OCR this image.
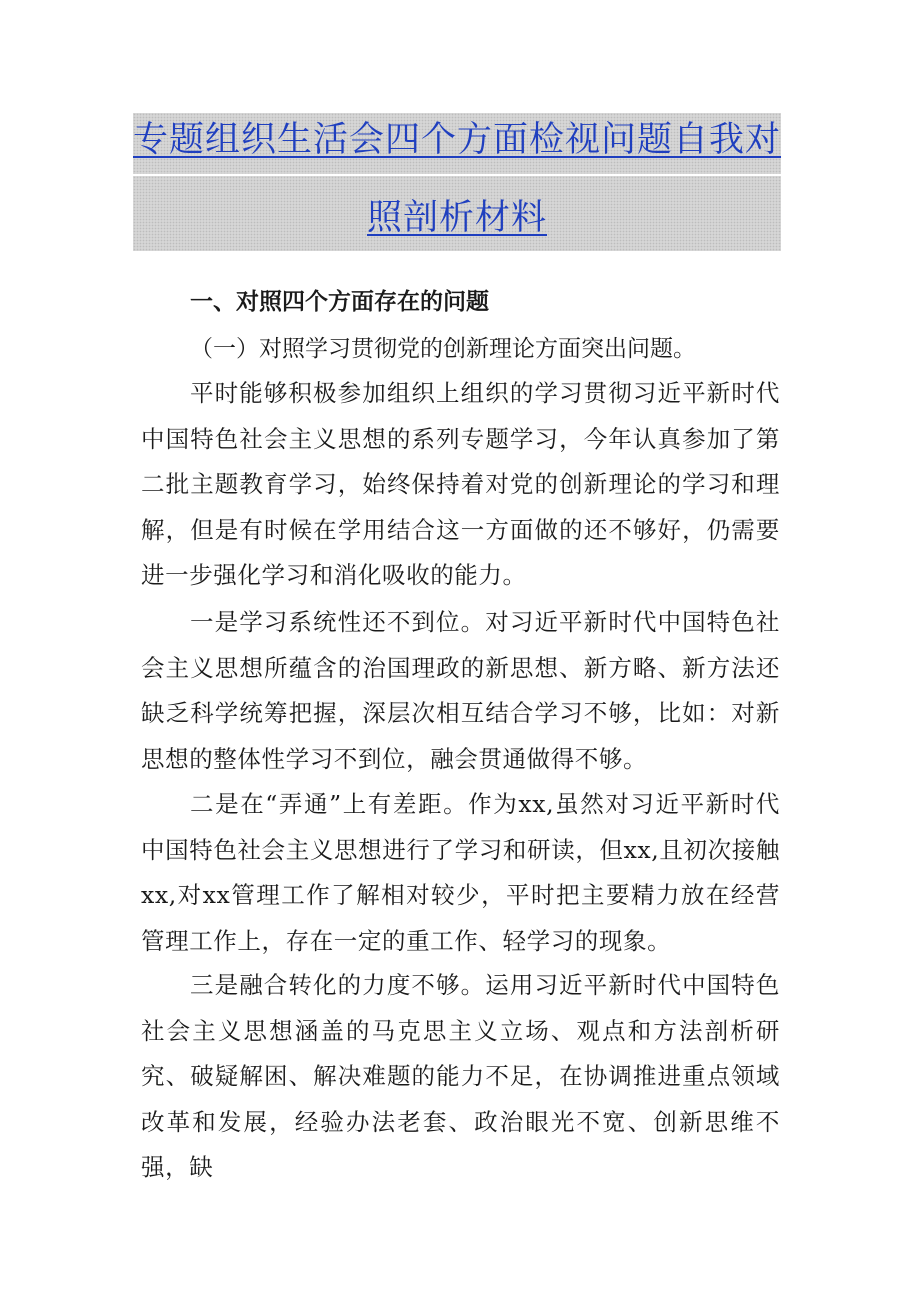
专题组织生活会四个方面检视问题自我对
照剖析材料
一、对照四个方面存在的问题
（一）对照学习贯彻党的创新理论方面突出问题。

平时能够积极参加组织上组织的学习贯彻习近平新时代中国特色社会主义思想的系列专题学习，今年认真参加了第二批主题教育学习，始终保持着对党的创新理论的学习和理解，但是有时候在学用结合这一方面做的还不够好，仍需要进一步强化学习和消化吸收的能力。

一是学习系统性还不到位。对习近平新时代中国特色社会主义思想所蕴含的治国理政的新思想、新方略、新方法还缺乏科学统筹把握，深层次相互结合学习不够，比如：对新思想的整体性学习不到位，融会贯通做得不够。

二是在“弄通”上有差距。作为xx,虽然对习近平新时代中国特色社会主义思想进行了学习和研读，但xx,且初次接触xx,对xx管理工作了解相对较少，平时把主要精力放在经营管理工作上，存在一定的重工作、轻学习的现象。

三是融合转化的力度不够。运用习近平新时代中国特色社会主义思想涵盖的马克思主义立场、观点和方法剖析研究、破疑解困、解决难题的能力不足，在协调推进重点领域改革和发展，经验办法老套、政治眼光不宽、创新思维不强，缺
